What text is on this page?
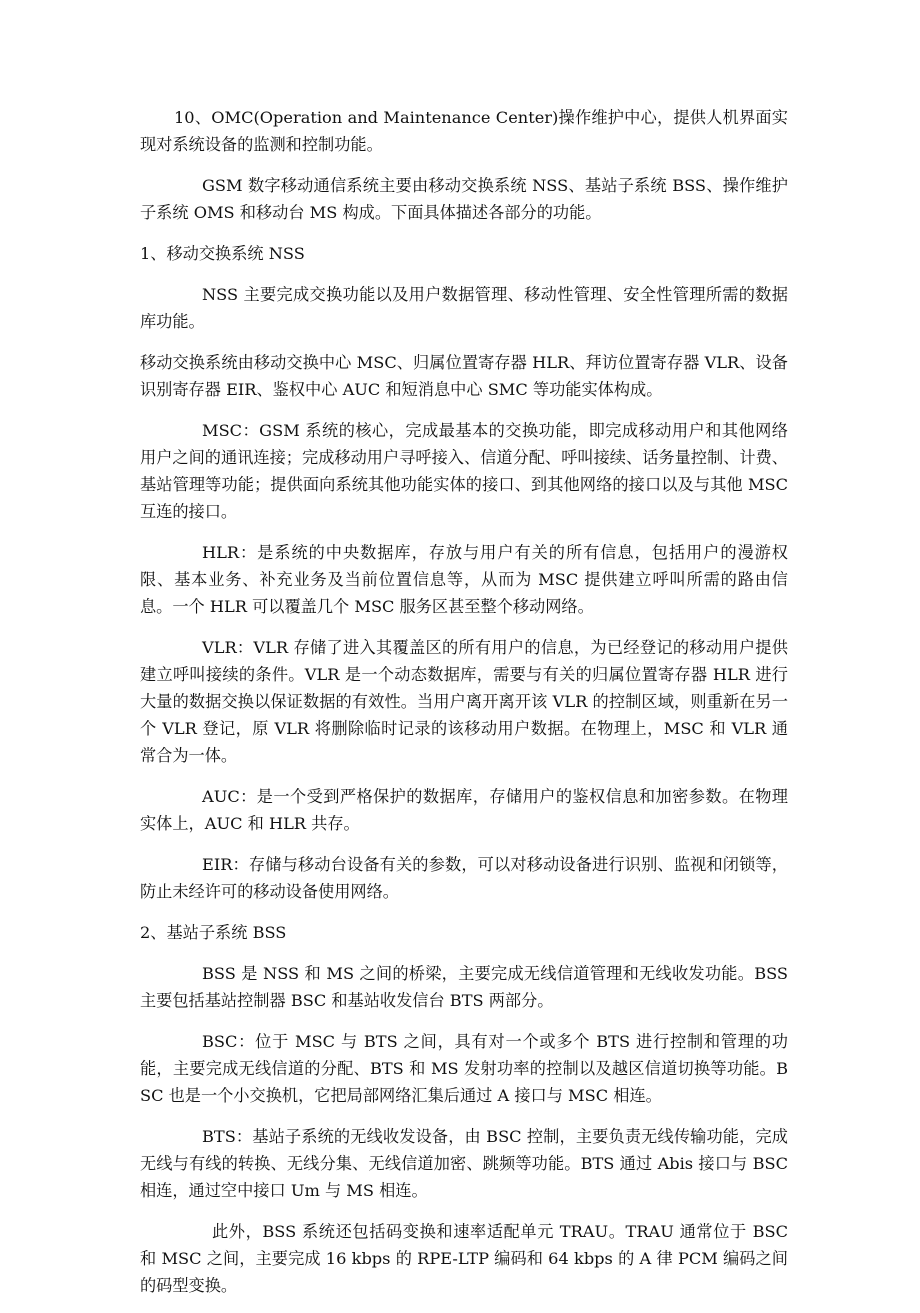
10、OMC(Operation and Maintenance Center)操作维护中心，提供人机界面实现对系统设备的监测和控制功能。

GSM 数字移动通信系统主要由移动交换系统 NSS、基站子系统 BSS、操作维护子系统 OMS 和移动台 MS 构成。下面具体描述各部分的功能。

1、移动交换系统 NSS

NSS 主要完成交换功能以及用户数据管理、移动性管理、安全性管理所需的数据库功能。

移动交换系统由移动交换中心 MSC、归属位置寄存器 HLR、拜访位置寄存器 VLR、设备识别寄存器 EIR、鉴权中心 AUC 和短消息中心 SMC 等功能实体构成。

MSC：GSM 系统的核心，完成最基本的交换功能，即完成移动用户和其他网络用户之间的通讯连接；完成移动用户寻呼接入、信道分配、呼叫接续、话务量控制、计费、基站管理等功能；提供面向系统其他功能实体的接口、到其他网络的接口以及与其他 MSC 互连的接口。

HLR：是系统的中央数据库，存放与用户有关的所有信息，包括用户的漫游权限、基本业务、补充业务及当前位置信息等，从而为 MSC 提供建立呼叫所需的路由信息。一个 HLR 可以覆盖几个 MSC 服务区甚至整个移动网络。

VLR：VLR 存储了进入其覆盖区的所有用户的信息，为已经登记的移动用户提供建立呼叫接续的条件。VLR 是一个动态数据库，需要与有关的归属位置寄存器 HLR 进行大量的数据交换以保证数据的有效性。当用户离开离开该 VLR 的控制区域，则重新在另一个 VLR 登记，原 VLR 将删除临时记录的该移动用户数据。在物理上，MSC 和 VLR 通常合为一体。

AUC：是一个受到严格保护的数据库，存储用户的鉴权信息和加密参数。在物理实体上，AUC 和 HLR 共存。

EIR：存储与移动台设备有关的参数，可以对移动设备进行识别、监视和闭锁等，防止未经许可的移动设备使用网络。

2、基站子系统 BSS

BSS 是 NSS 和 MS 之间的桥梁，主要完成无线信道管理和无线收发功能。BSS 主要包括基站控制器 BSC 和基站收发信台 BTS 两部分。

BSC：位于 MSC 与 BTS 之间，具有对一个或多个 BTS 进行控制和管理的功能，主要完成无线信道的分配、BTS 和 MS 发射功率的控制以及越区信道切换等功能。BSC 也是一个小交换机，它把局部网络汇集后通过 A 接口与 MSC 相连。

BTS：基站子系统的无线收发设备，由 BSC 控制，主要负责无线传输功能，完成无线与有线的转换、无线分集、无线信道加密、跳频等功能。BTS 通过 Abis 接口与 BSC 相连，通过空中接口 Um 与 MS 相连。

此外，BSS 系统还包括码变换和速率适配单元 TRAU。TRAU 通常位于 BSC 和 MSC 之间，主要完成 16 kbps 的 RPE-LTP 编码和 64 kbps 的 A 律 PCM 编码之间的码型变换。
